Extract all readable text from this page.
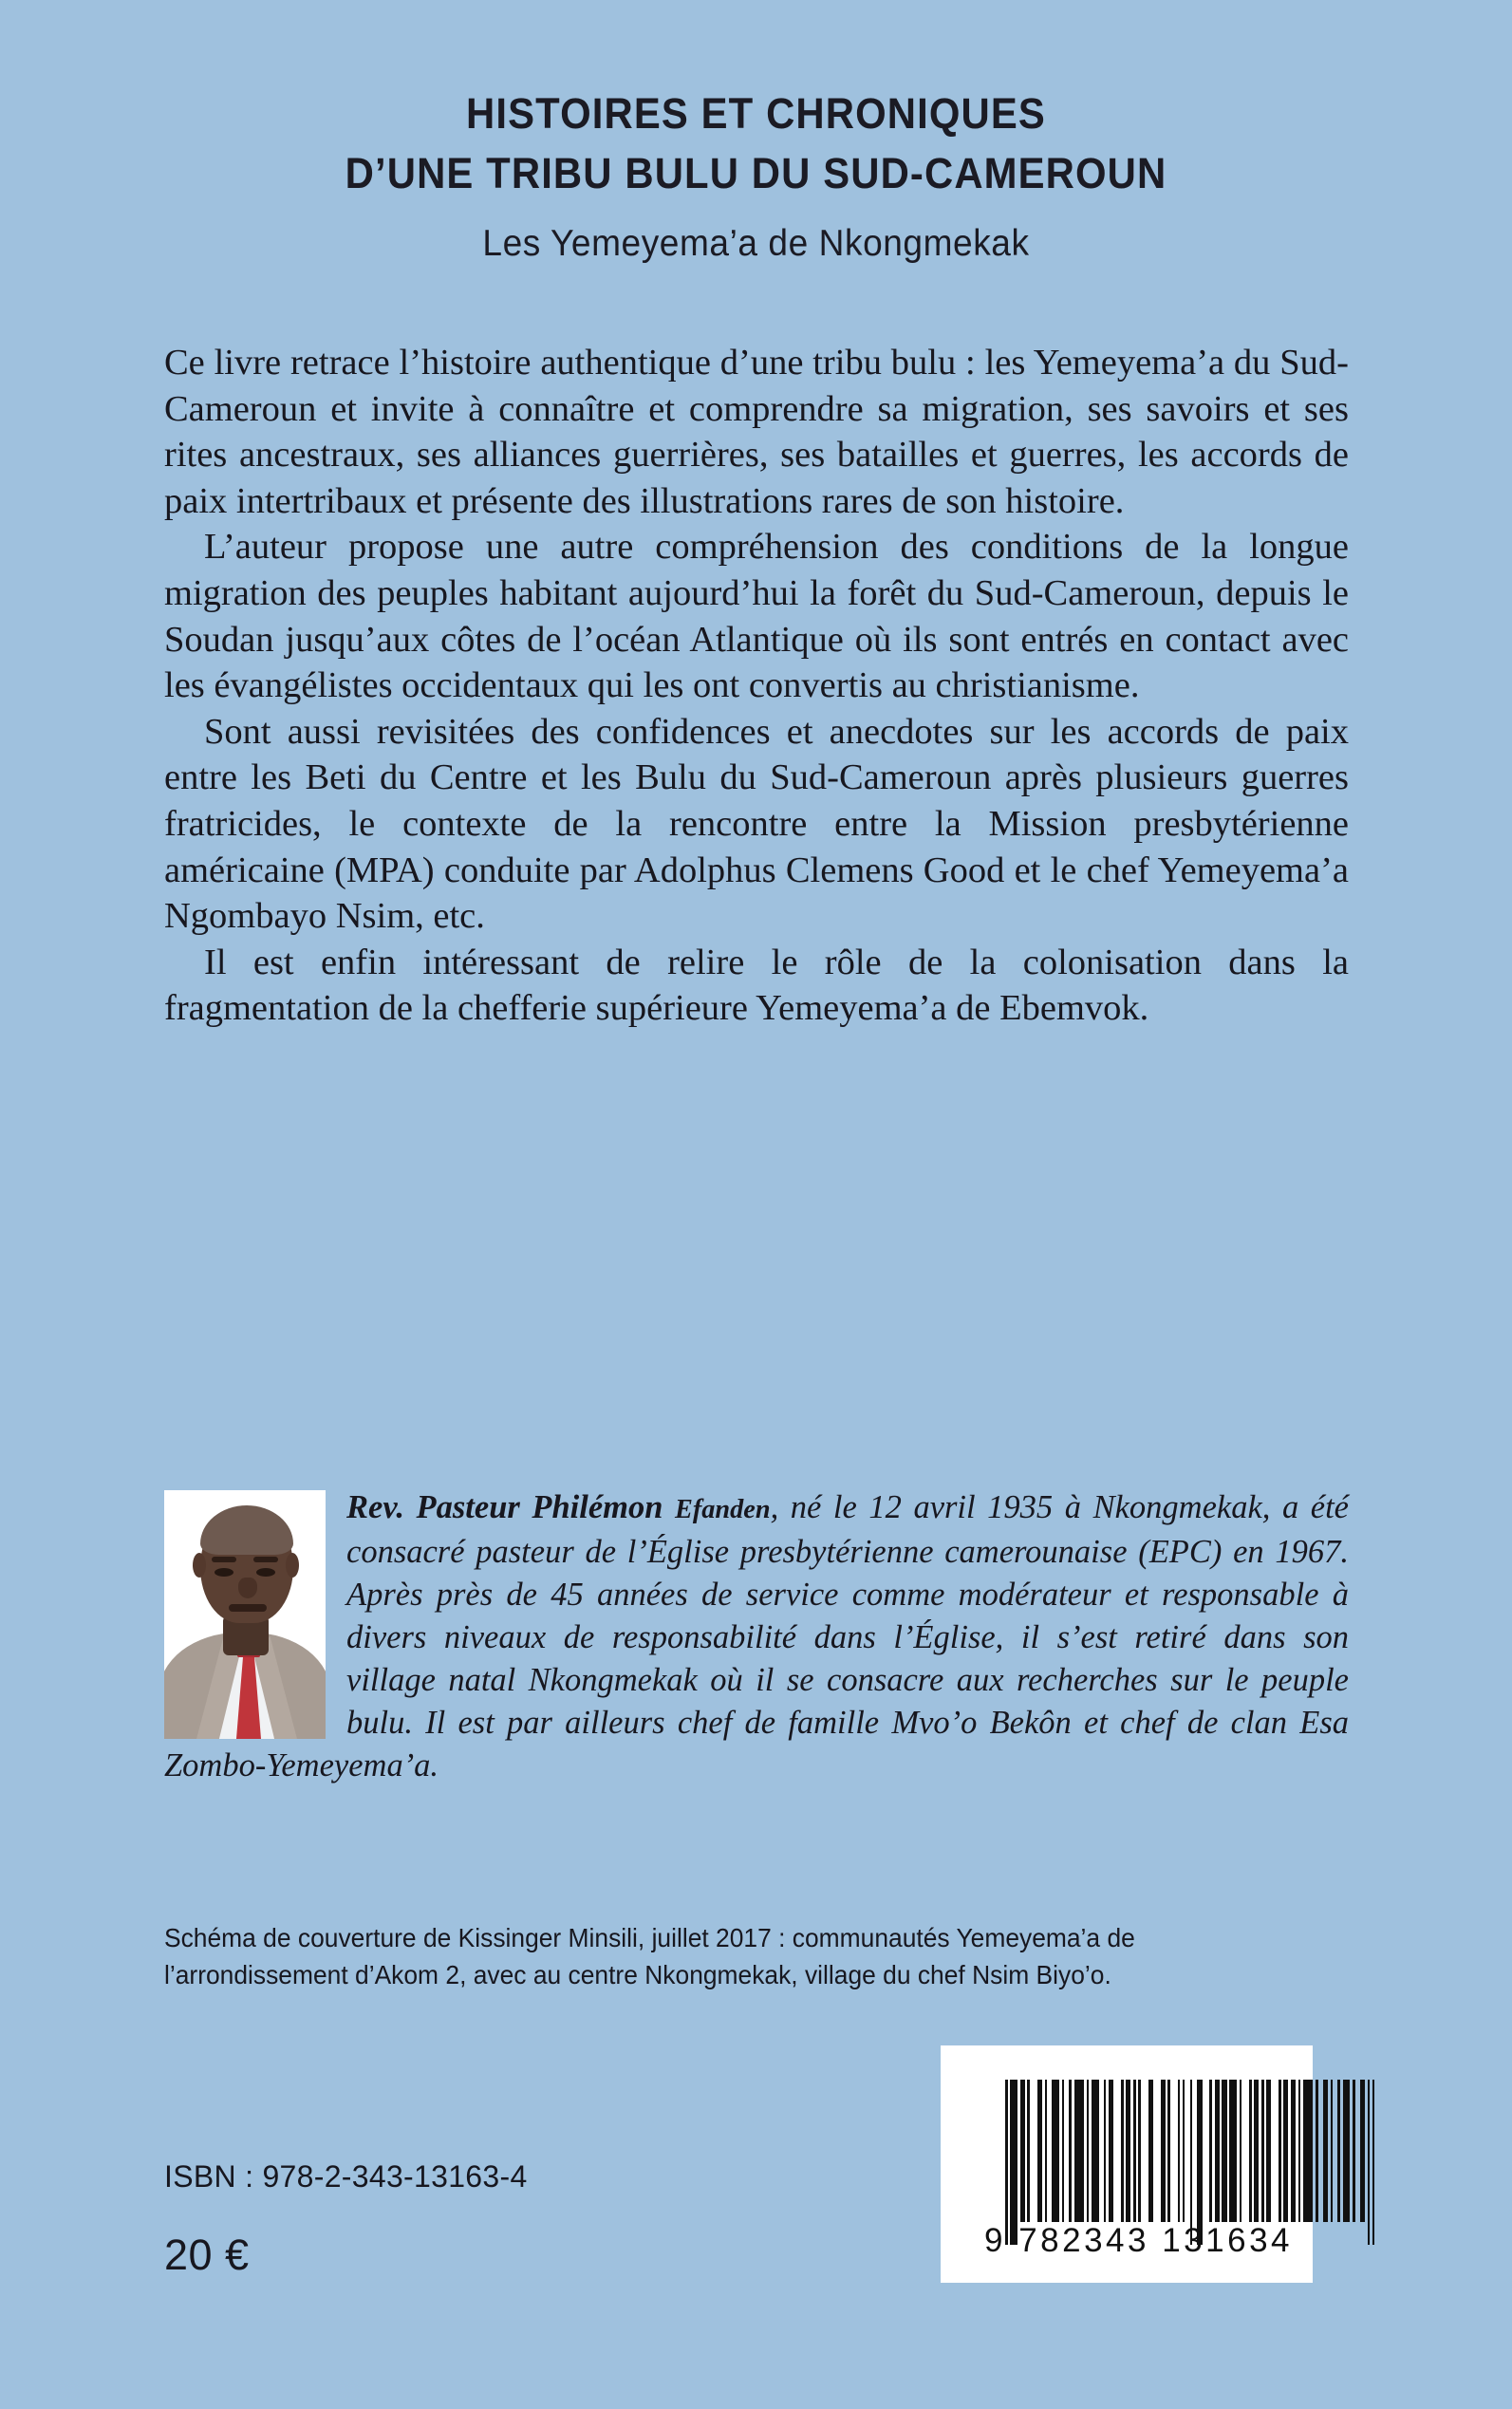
HISTOIRES ET CHRONIQUES
D’UNE TRIBU BULU DU SUD-CAMEROUN
Les Yemeyema’a de Nkongmekak

Ce livre retrace l’histoire authentique d’une tribu bulu : les Yemeyema’a du Sud-Cameroun et invite à connaître et comprendre sa migration, ses savoirs et ses rites ancestraux, ses alliances guerrières, ses batailles et guerres, les accords de paix intertribaux et présente des illustrations rares de son histoire.

L’auteur propose une autre compréhension des conditions de la longue migration des peuples habitant aujourd’hui la forêt du Sud-Cameroun, depuis le Soudan jusqu’aux côtes de l’océan Atlantique où ils sont entrés en contact avec les évangélistes occidentaux qui les ont convertis au christianisme.

Sont aussi revisitées des confidences et anecdotes sur les accords de paix entre les Beti du Centre et les Bulu du Sud-Cameroun après plusieurs guerres fratricides, le contexte de la rencontre entre la Mission presbytérienne américaine (MPA) conduite par Adolphus Clemens Good et le chef Yemeyema’a Ngombayo Nsim, etc.

Il est enfin intéressant de relire le rôle de la colonisation dans la fragmentation de la chefferie supérieure Yemeyema’a de Ebemvok.

Rev. Pasteur Philémon Efanden, né le 12 avril 1935 à Nkongmekak, a été consacré pasteur de l’Église presbytérienne camerounaise (EPC) en 1967. Après près de 45 années de service comme modérateur et responsable à divers niveaux de responsabilité dans l’Église, il s’est retiré dans son village natal Nkongmekak où il se consacre aux recherches sur le peuple bulu. Il est par ailleurs chef de famille Mvo’o Bekôn et chef de clan Esa Zombo-Yemeyema’a.
Schéma de couverture de Kissinger Minsili, juillet 2017 : communautés Yemeyema’a de l’arrondissement d’Akom 2, avec au centre Nkongmekak, village du chef Nsim Biyo’o.
ISBN : 978-2-343-13163-4
20 €	9 782343 131634
